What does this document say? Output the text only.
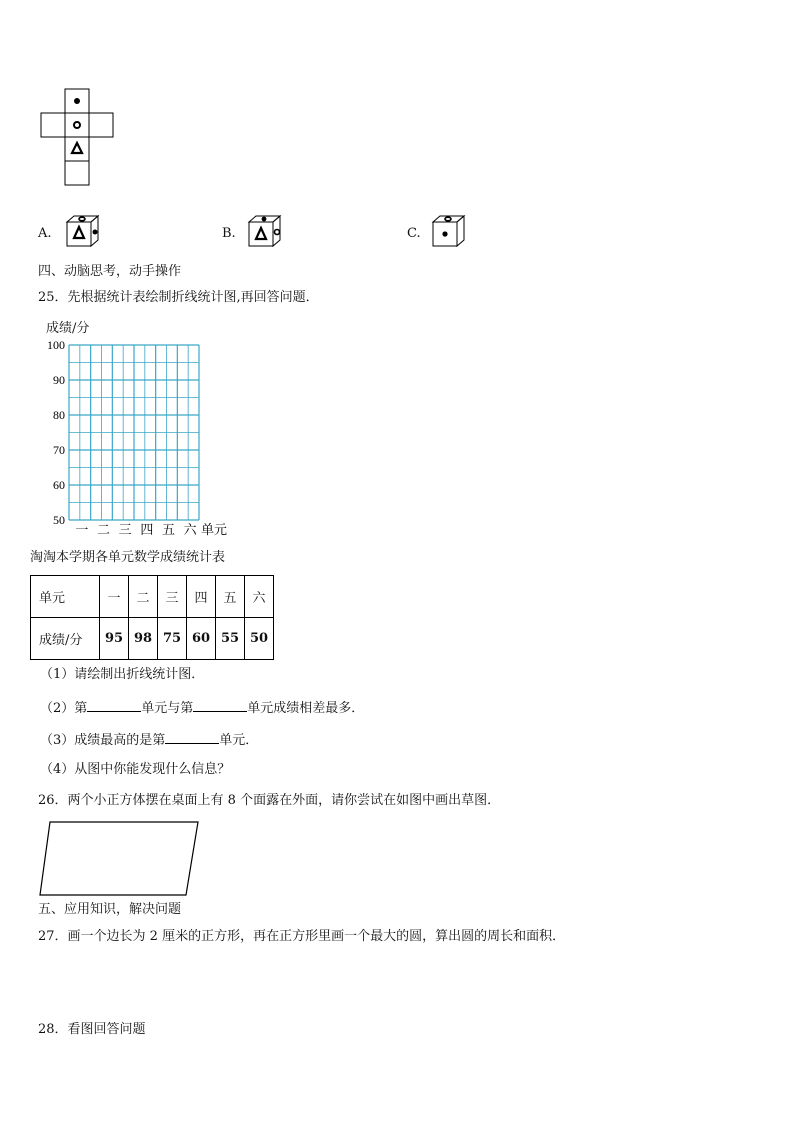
A.	B.	C.
四、动脑思考，动手操作
25．先根据统计表绘制折线统计图,再回答问题．
成绩/分
100
90
80
70
60
50
一 二 三 四 五 六 单元
淘淘本学期各单元数学成绩统计表
单元	一	二	三	四	五	六
成绩/分	95	98	75	60	55	50
（1）请绘制出折线统计图．
（2）第	单元与第	单元成绩相差最多．
（3）成绩最高的是第	单元．
（4）从图中你能发现什么信息？
26．两个小正方体摆在桌面上有 8 个面露在外面，请你尝试在如图中画出草图．
五、应用知识，解决问题
27．画一个边长为 2 厘米的正方形，再在正方形里画一个最大的圆，算出圆的周长和面积．
28．看图回答问题
